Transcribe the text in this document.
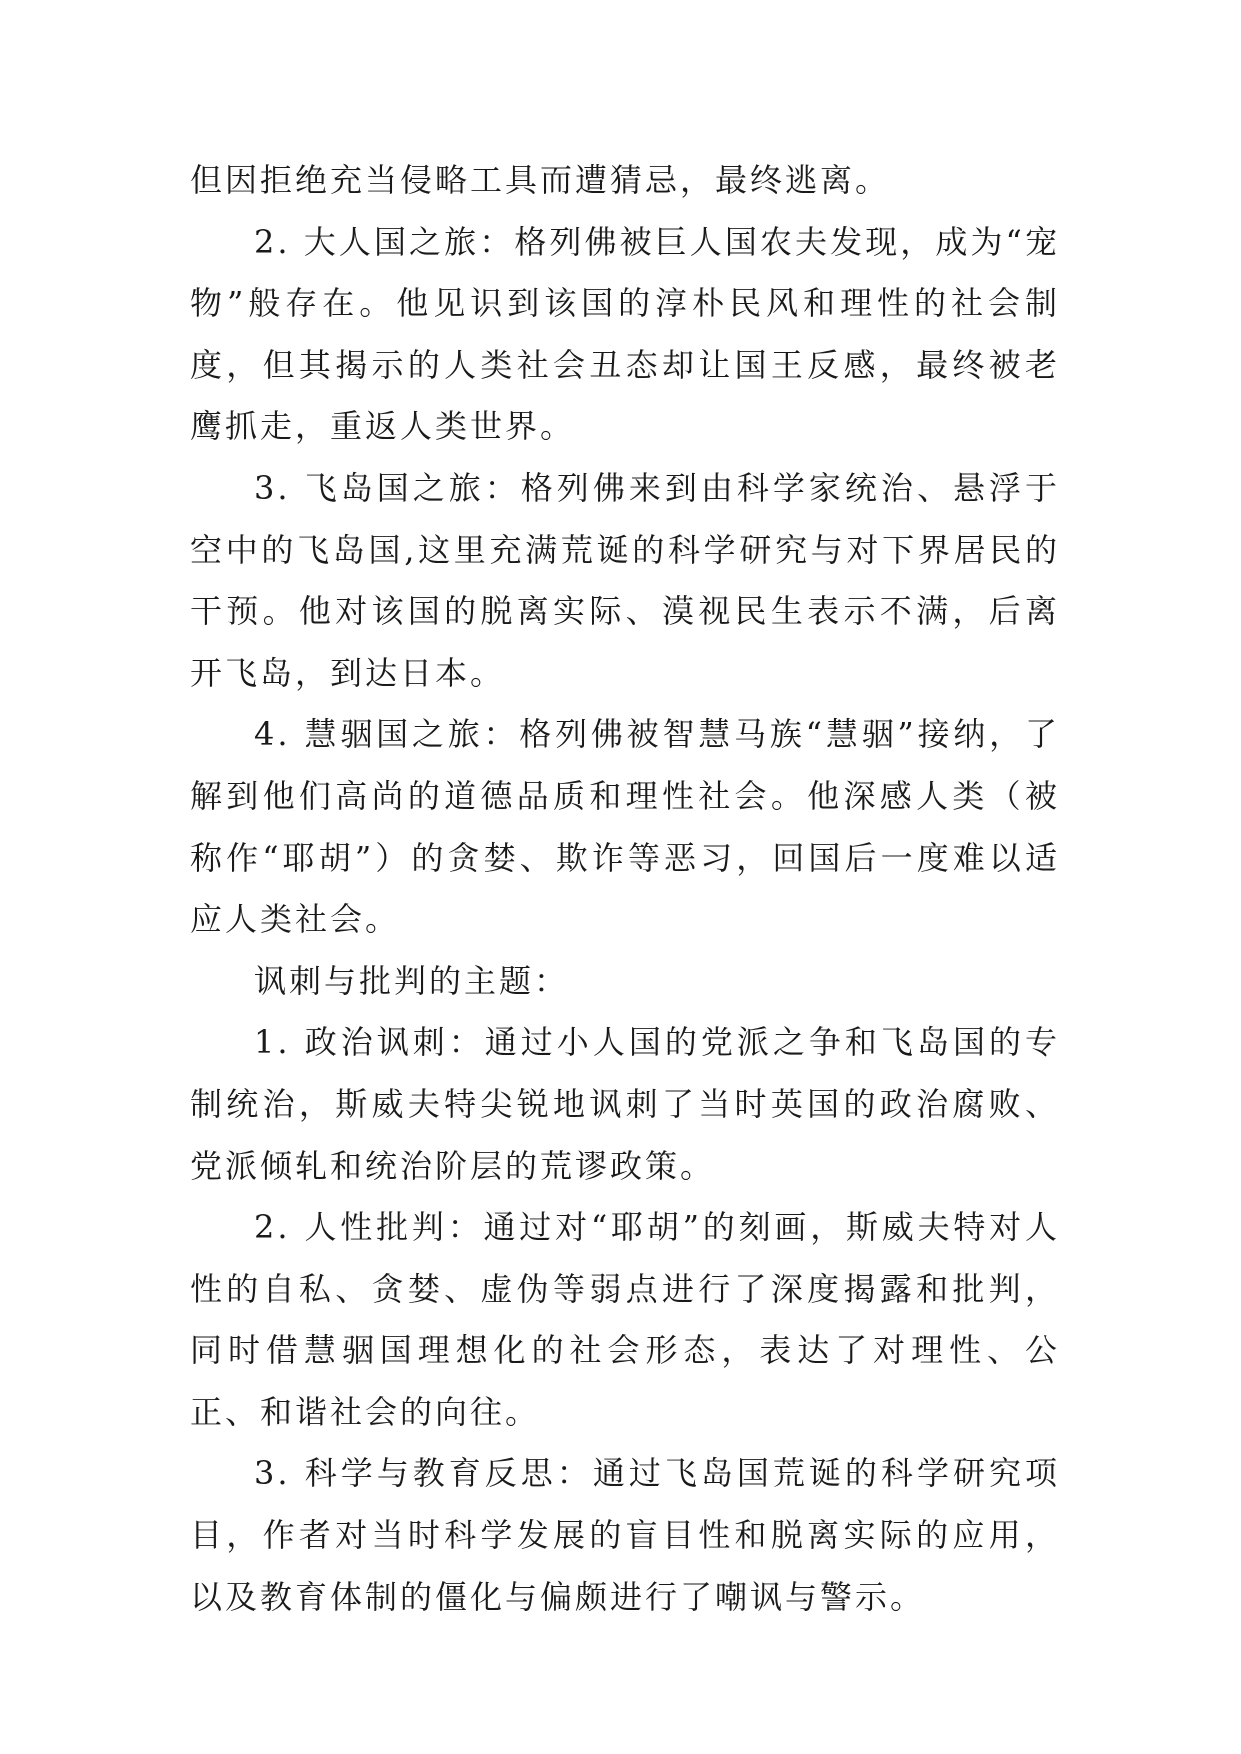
但因拒绝充当侵略工具而遭猜忌，最终逃离。

2. 大人国之旅：格列佛被巨人国农夫发现，成为“宠物”般存在。他见识到该国的淳朴民风和理性的社会制度，但其揭示的人类社会丑态却让国王反感，最终被老鹰抓走，重返人类世界。

3. 飞岛国之旅：格列佛来到由科学家统治、悬浮于空中的飞岛国,这里充满荒诞的科学研究与对下界居民的干预。他对该国的脱离实际、漠视民生表示不满，后离开飞岛，到达日本。

4. 慧骃国之旅：格列佛被智慧马族“慧骃”接纳，了解到他们高尚的道德品质和理性社会。他深感人类（被称作“耶胡”）的贪婪、欺诈等恶习，回国后一度难以适应人类社会。

讽刺与批判的主题：

1. 政治讽刺：通过小人国的党派之争和飞岛国的专制统治，斯威夫特尖锐地讽刺了当时英国的政治腐败、党派倾轧和统治阶层的荒谬政策。

2. 人性批判：通过对“耶胡”的刻画，斯威夫特对人性的自私、贪婪、虚伪等弱点进行了深度揭露和批判，同时借慧骃国理想化的社会形态，表达了对理性、公正、和谐社会的向往。

3. 科学与教育反思：通过飞岛国荒诞的科学研究项目，作者对当时科学发展的盲目性和脱离实际的应用，以及教育体制的僵化与偏颇进行了嘲讽与警示。
